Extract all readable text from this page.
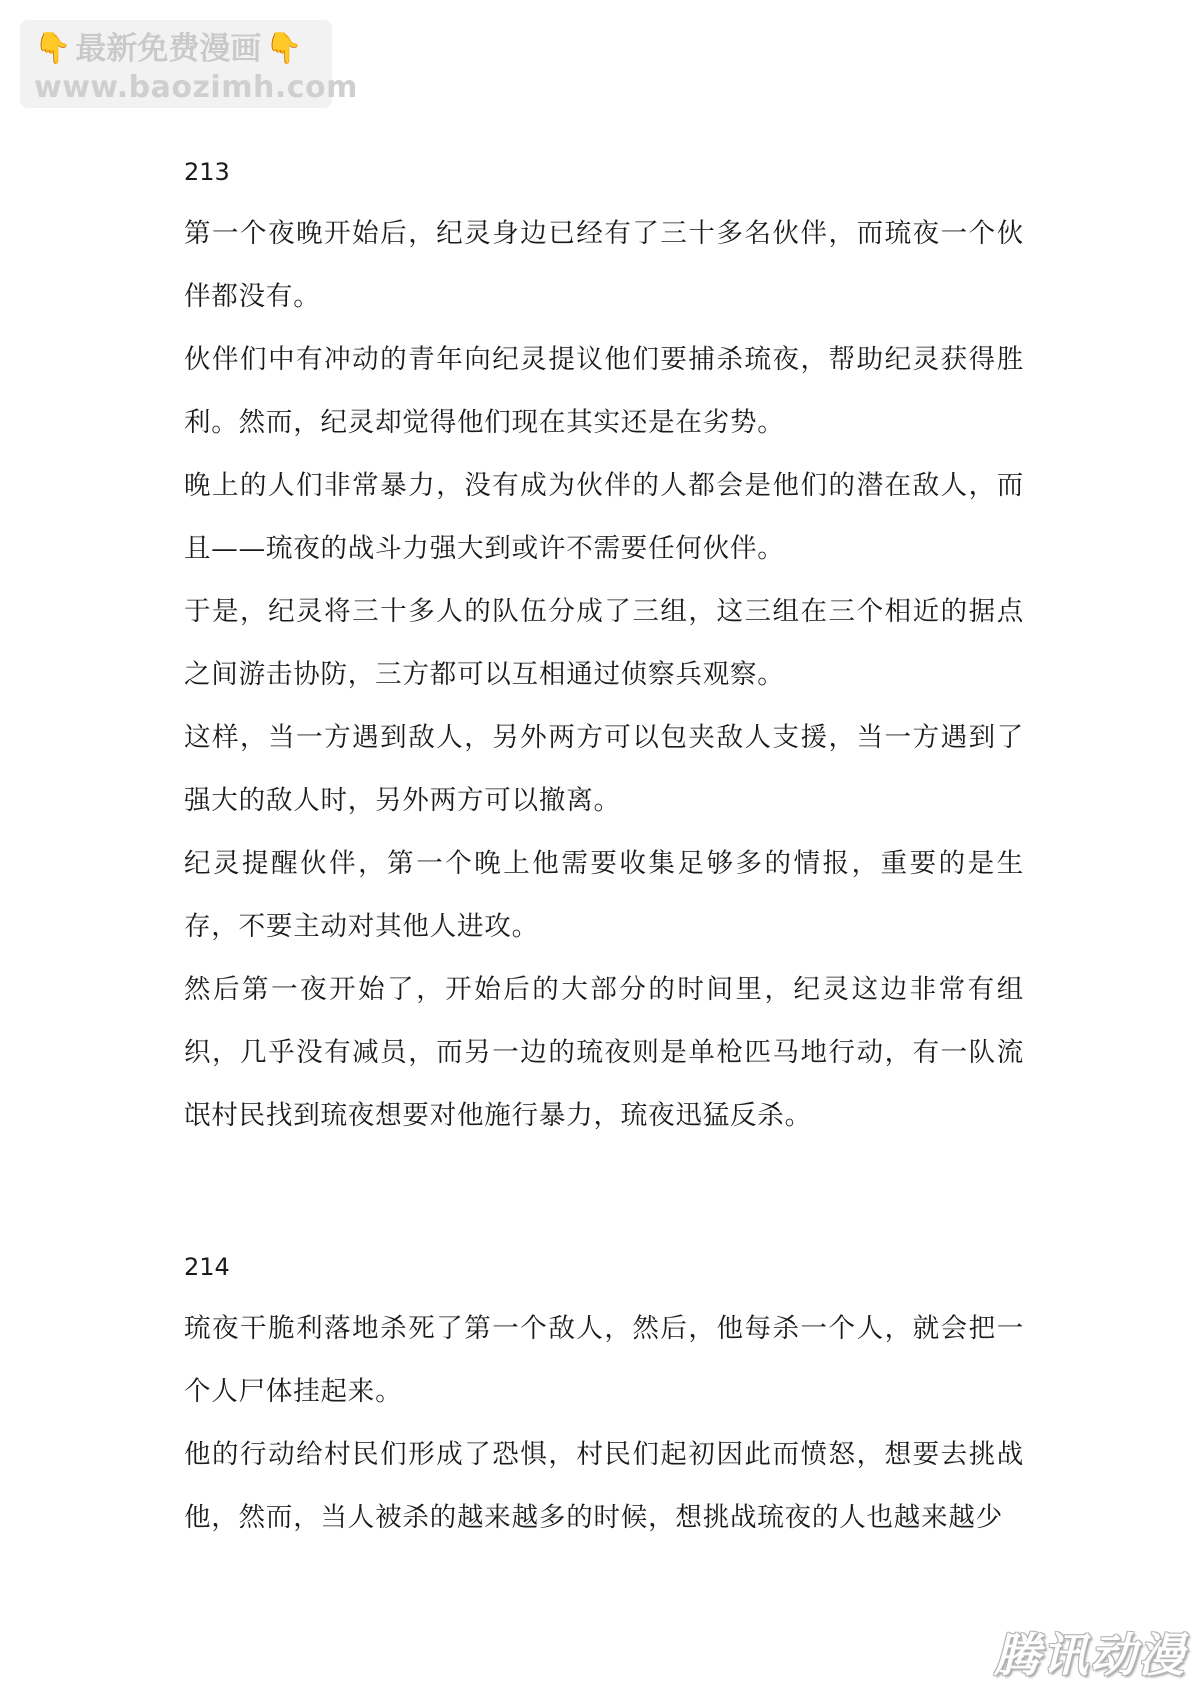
👇 最新免费漫画 👇
www.baozimh.com
213

第一个夜晚开始后，纪灵身边已经有了三十多名伙伴，而琉夜一个伙伴都没有。

伙伴们中有冲动的青年向纪灵提议他们要捕杀琉夜，帮助纪灵获得胜利。然而，纪灵却觉得他们现在其实还是在劣势。

晚上的人们非常暴力，没有成为伙伴的人都会是他们的潜在敌人，而且——琉夜的战斗力强大到或许不需要任何伙伴。

于是，纪灵将三十多人的队伍分成了三组，这三组在三个相近的据点之间游击协防，三方都可以互相通过侦察兵观察。

这样，当一方遇到敌人，另外两方可以包夹敌人支援，当一方遇到了强大的敌人时，另外两方可以撤离。

纪灵提醒伙伴，第一个晚上他需要收集足够多的情报，重要的是生存，不要主动对其他人进攻。

然后第一夜开始了，开始后的大部分的时间里，纪灵这边非常有组织，几乎没有减员，而另一边的琉夜则是单枪匹马地行动，有一队流氓村民找到琉夜想要对他施行暴力，琉夜迅猛反杀。

214

琉夜干脆利落地杀死了第一个敌人，然后，他每杀一个人，就会把一个人尸体挂起来。

他的行动给村民们形成了恐惧，村民们起初因此而愤怒，想要去挑战他，然而，当人被杀的越来越多的时候，想挑战琉夜的人也越来越少

腾讯动漫
